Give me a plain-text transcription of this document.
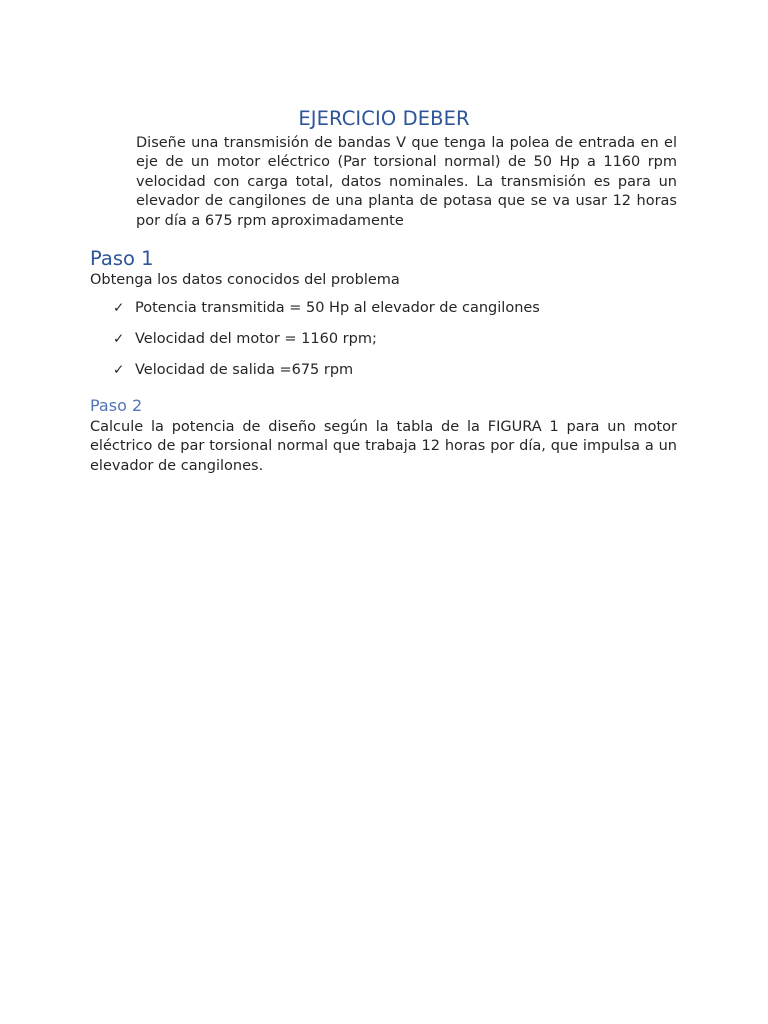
EJERCICIO DEBER
Diseñe una transmisión de bandas V que tenga la polea de entrada en el eje de un motor eléctrico (Par torsional normal) de 50 Hp a 1160 rpm velocidad con carga total, datos nominales. La transmisión es para un elevador de cangilones de una planta de potasa que se va usar 12 horas por día a 675 rpm aproximadamente
Paso 1
Obtenga los datos conocidos del problema
✓ Potencia transmitida = 50 Hp al elevador de cangilones
✓ Velocidad del motor = 1160 rpm;
✓ Velocidad de salida =675 rpm
Paso 2
Calcule la potencia de diseño según la tabla de la FIGURA 1 para un motor eléctrico de par torsional normal que trabaja 12 horas por día, que impulsa a un elevador de cangilones.
